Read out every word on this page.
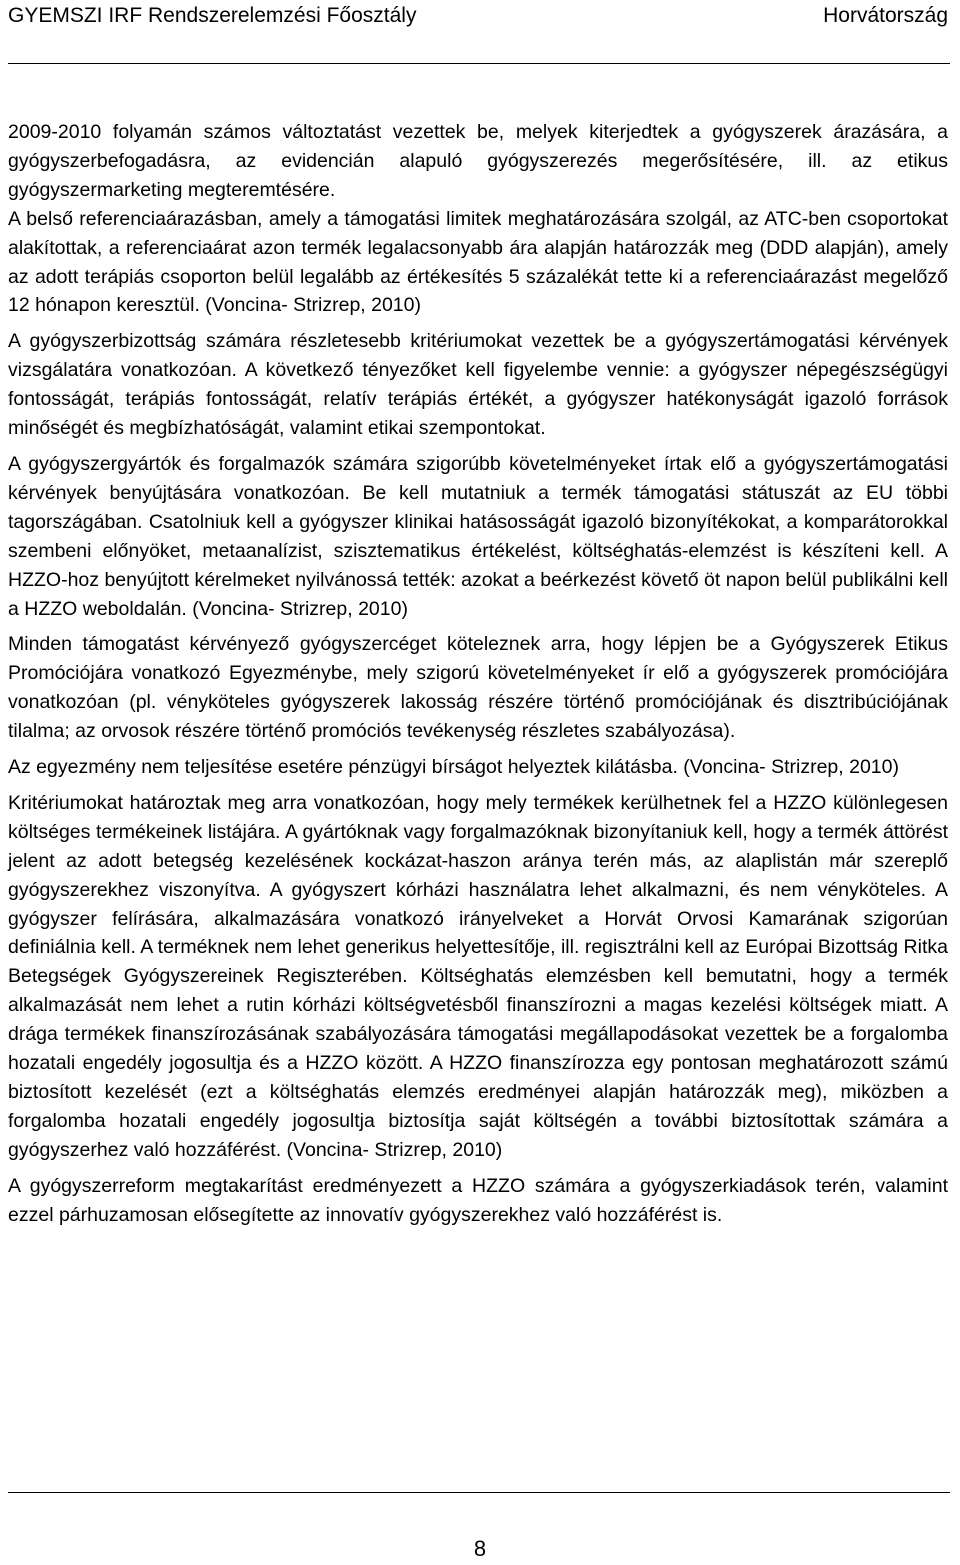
GYEMSZI IRF Rendszerelemzési Főosztály	Horvátország

2009-2010 folyamán számos változtatást vezettek be, melyek kiterjedtek a gyógyszerek árazására, a gyógyszerbefogadásra, az evidencián alapuló gyógyszerezés megerősítésére, ill. az etikus gyógyszermarketing megteremtésére.

A belső referenciaárazásban, amely a támogatási limitek meghatározására szolgál, az ATC-ben csoportokat alakítottak, a referenciaárat azon termék legalacsonyabb ára alapján határozzák meg (DDD alapján), amely az adott terápiás csoporton belül legalább az értékesítés 5 százalékát tette ki a referenciaárazást megelőző 12 hónapon keresztül. (Voncina- Strizrep, 2010)

A gyógyszerbizottság számára részletesebb kritériumokat vezettek be a gyógyszertámogatási kérvények vizsgálatára vonatkozóan. A következő tényezőket kell figyelembe vennie: a gyógyszer népegészségügyi fontosságát, terápiás fontosságát, relatív terápiás értékét, a gyógyszer hatékonyságát igazoló források minőségét és megbízhatóságát, valamint etikai szempontokat.

A gyógyszergyártók és forgalmazók számára szigorúbb követelményeket írtak elő a gyógyszertámogatási kérvények benyújtására vonatkozóan. Be kell mutatniuk a termék támogatási státuszát az EU többi tagországában. Csatolniuk kell a gyógyszer klinikai hatásosságát igazoló bizonyítékokat, a komparátorokkal szembeni előnyöket, metaanalízist, szisztematikus értékelést, költséghatás-elemzést is készíteni kell. A HZZO-hoz benyújtott kérelmeket nyilvánossá tették: azokat a beérkezést követő öt napon belül publikálni kell a HZZO weboldalán. (Voncina- Strizrep, 2010)

Minden támogatást kérvényező gyógyszercéget köteleznek arra, hogy lépjen be a Gyógyszerek Etikus Promóciójára vonatkozó Egyezménybe, mely szigorú követelményeket ír elő a gyógyszerek promóciójára vonatkozóan (pl. vényköteles gyógyszerek lakosság részére történő promóciójának és disztribúciójának tilalma; az orvosok részére történő promóciós tevékenység részletes szabályozása).

Az egyezmény nem teljesítése esetére pénzügyi bírságot helyeztek kilátásba. (Voncina- Strizrep, 2010)

Kritériumokat határoztak meg arra vonatkozóan, hogy mely termékek kerülhetnek fel a HZZO különlegesen költséges termékeinek listájára. A gyártóknak vagy forgalmazóknak bizonyítaniuk kell, hogy a termék áttörést jelent az adott betegség kezelésének kockázat-haszon aránya terén más, az alaplistán már szereplő gyógyszerekhez viszonyítva. A gyógyszert kórházi használatra lehet alkalmazni, és nem vényköteles. A gyógyszer felírására, alkalmazására vonatkozó irányelveket a Horvát Orvosi Kamarának szigorúan definiálnia kell. A terméknek nem lehet generikus helyettesítője, ill. regisztrálni kell az Európai Bizottság Ritka Betegségek Gyógyszereinek Regiszterében. Költséghatás elemzésben kell bemutatni, hogy a termék alkalmazását nem lehet a rutin kórházi költségvetésből finanszírozni a magas kezelési költségek miatt. A drága termékek finanszírozásának szabályozására támogatási megállapodásokat vezettek be a forgalomba hozatali engedély jogosultja és a HZZO között. A HZZO finanszírozza egy pontosan meghatározott számú biztosított kezelését (ezt a költséghatás elemzés eredményei alapján határozzák meg), miközben a forgalomba hozatali engedély jogosultja biztosítja saját költségén a további biztosítottak számára a gyógyszerhez való hozzáférést. (Voncina- Strizrep, 2010)

A gyógyszerreform megtakarítást eredményezett a HZZO számára a gyógyszerkiadások terén, valamint ezzel párhuzamosan elősegítette az innovatív gyógyszerekhez való hozzáférést is.

8
